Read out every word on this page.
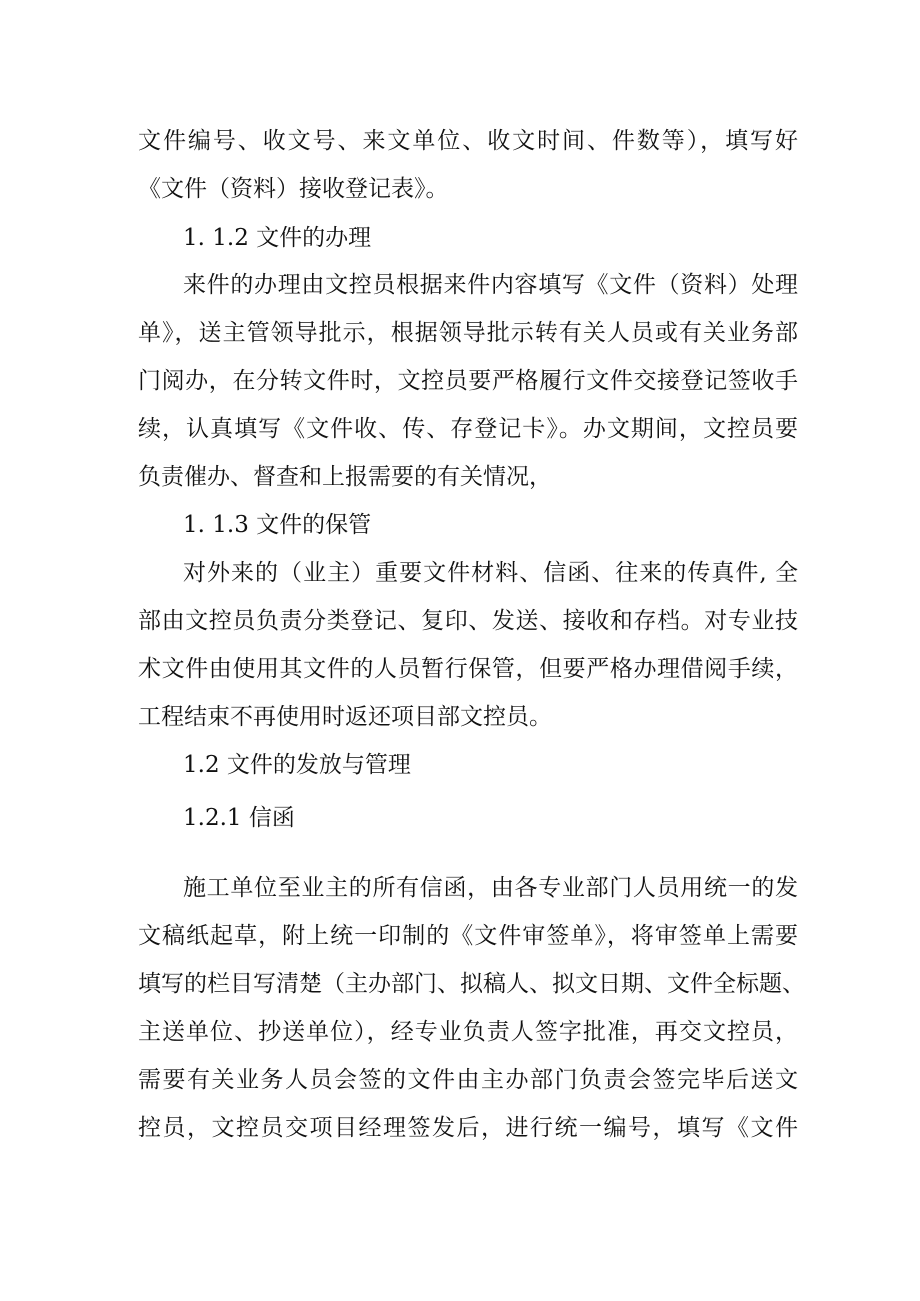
文件编号、收文号、来文单位、收文时间、件数等），填写好
《文件（资料）接收登记表》。
1. 1.2 文件的办理
来件的办理由文控员根据来件内容填写《文件（资料）处理
单》，送主管领导批示，根据领导批示转有关人员或有关业务部
门阅办，在分转文件时，文控员要严格履行文件交接登记签收手
续，认真填写《文件收、传、存登记卡》。办文期间，文控员要
负责催办、督查和上报需要的有关情况，
1. 1.3 文件的保管
对外来的（业主）重要文件材料、信函、往来的传真件, 全
部由文控员负责分类登记、复印、发送、接收和存档。对专业技
术文件由使用其文件的人员暂行保管，但要严格办理借阅手续，
工程结束不再使用时返还项目部文控员。
1.2 文件的发放与管理
1.2.1 信函
施工单位至业主的所有信函，由各专业部门人员用统一的发
文稿纸起草，附上统一印制的《文件审签单》，将审签单上需要
填写的栏目写清楚（主办部门、拟稿人、拟文日期、文件全标题、
主送单位、抄送单位），经专业负责人签字批准，再交文控员，
需要有关业务人员会签的文件由主办部门负责会签完毕后送文
控员，文控员交项目经理签发后，进行统一编号，填写《文件
